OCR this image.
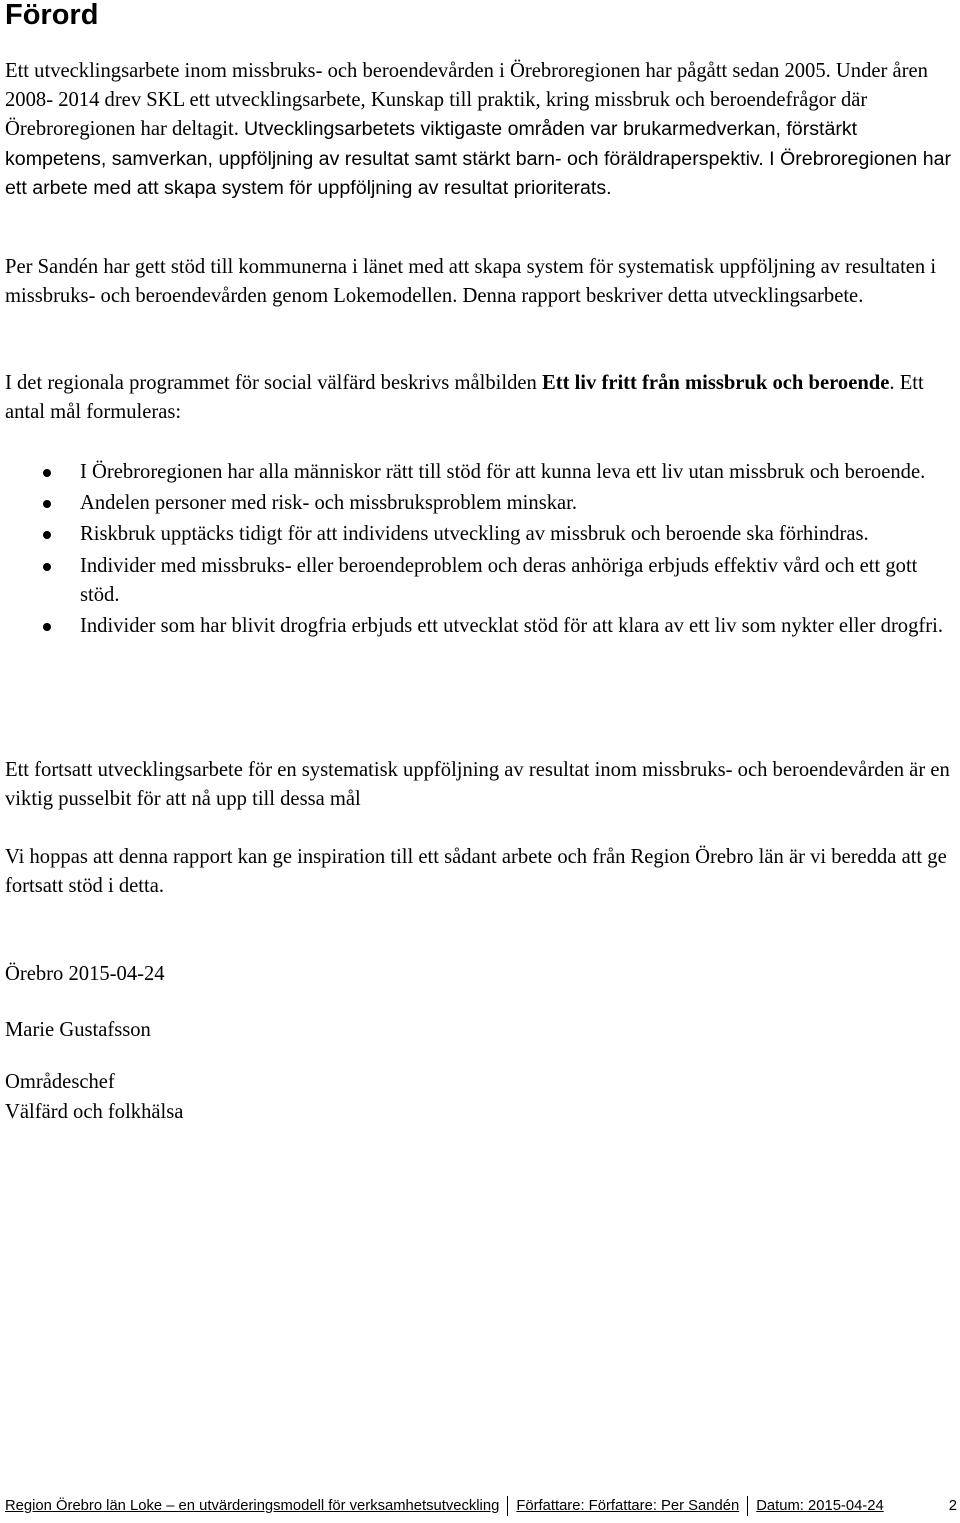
Förord

Ett utvecklingsarbete inom missbruks- och beroendevården i Örebroregionen har pågått sedan 2005. Under åren 2008- 2014 drev SKL ett utvecklingsarbete, Kunskap till praktik, kring missbruk och beroendefrågor där Örebroregionen har deltagit. Utvecklingsarbetets viktigaste områden var brukarmedverkan, förstärkt kompetens, samverkan, uppföljning av resultat samt stärkt barn- och föräldraperspektiv. I Örebroregionen har ett arbete med att skapa system för uppföljning av resultat prioriterats.

Per Sandén har gett stöd till kommunerna i länet med att skapa system för systematisk uppföljning av resultaten i missbruks- och beroendevården genom Lokemodellen. Denna rapport beskriver detta utvecklingsarbete.

I det regionala programmet för social välfärd beskrivs målbilden Ett liv fritt från missbruk och beroende. Ett antal mål formuleras:

I Örebroregionen har alla människor rätt till stöd för att kunna leva ett liv utan missbruk och beroende.
Andelen personer med risk- och missbruksproblem minskar.
Riskbruk upptäcks tidigt för att individens utveckling av missbruk och beroende ska förhindras.
Individer med missbruks- eller beroendeproblem och deras anhöriga erbjuds effektiv vård och ett gott stöd.
Individer som har blivit drogfria erbjuds ett utvecklat stöd för att klara av ett liv som nykter eller drogfri.

Ett fortsatt utvecklingsarbete för en systematisk uppföljning av resultat inom missbruks- och beroendevården är en viktig pusselbit för att nå upp till dessa mål

Vi hoppas att denna rapport kan ge inspiration till ett sådant arbete och från Region Örebro län är vi beredda att ge fortsatt stöd i detta.

Örebro 2015-04-24

Marie Gustafsson

Områdeschef

Välfärd och folkhälsa

Region Örebro län Loke – en utvärderingsmodell för verksamhetsutveckling Författare: Författare: Per Sandén Datum: 2015-04-24	2
